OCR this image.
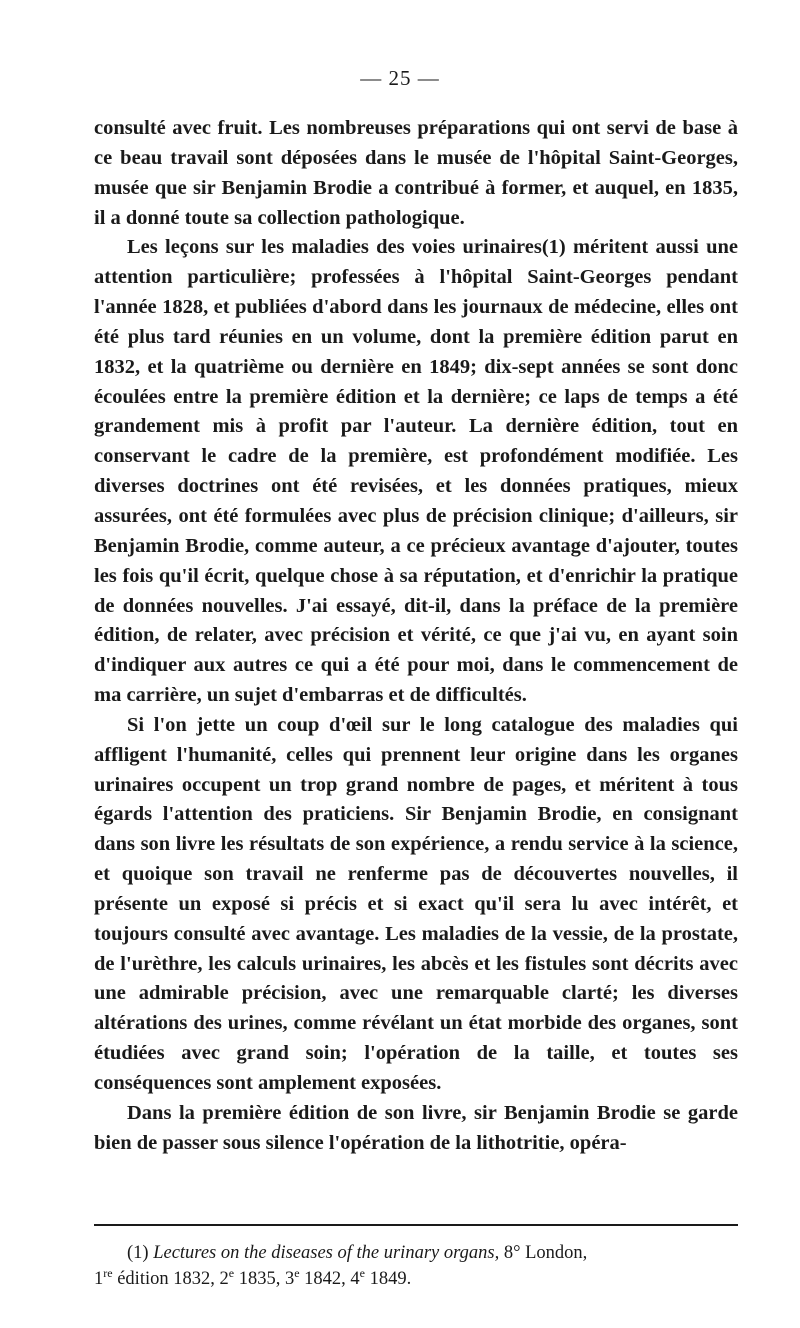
— 25 —

consulté avec fruit. Les nombreuses préparations qui ont servi de base à ce beau travail sont déposées dans le musée de l'hôpital Saint-Georges, musée que sir Benjamin Brodie a contribué à former, et auquel, en 1835, il a donné toute sa collection pathologique.

Les leçons sur les maladies des voies urinaires(1) méritent aussi une attention particulière; professées à l'hôpital Saint-Georges pendant l'année 1828, et publiées d'abord dans les journaux de médecine, elles ont été plus tard réunies en un volume, dont la première édition parut en 1832, et la quatrième ou dernière en 1849; dix-sept années se sont donc écoulées entre la première édition et la dernière; ce laps de temps a été grandement mis à profit par l'auteur. La dernière édition, tout en conservant le cadre de la première, est profondément modifiée. Les diverses doctrines ont été revisées, et les données pratiques, mieux assurées, ont été formulées avec plus de précision clinique; d'ailleurs, sir Benjamin Brodie, comme auteur, a ce précieux avantage d'ajouter, toutes les fois qu'il écrit, quelque chose à sa réputation, et d'enrichir la pratique de données nouvelles. J'ai essayé, dit-il, dans la préface de la première édition, de relater, avec précision et vérité, ce que j'ai vu, en ayant soin d'indiquer aux autres ce qui a été pour moi, dans le commencement de ma carrière, un sujet d'embarras et de difficultés.

Si l'on jette un coup d'œil sur le long catalogue des maladies qui affligent l'humanité, celles qui prennent leur origine dans les organes urinaires occupent un trop grand nombre de pages, et méritent à tous égards l'attention des praticiens. Sir Benjamin Brodie, en consignant dans son livre les résultats de son expérience, a rendu service à la science, et quoique son travail ne renferme pas de découvertes nouvelles, il présente un exposé si précis et si exact qu'il sera lu avec intérêt, et toujours consulté avec avantage. Les maladies de la vessie, de la prostate, de l'urèthre, les calculs urinaires, les abcès et les fistules sont décrits avec une admirable précision, avec une remarquable clarté; les diverses altérations des urines, comme révélant un état morbide des organes, sont étudiées avec grand soin; l'opération de la taille, et toutes ses conséquences sont amplement exposées.

Dans la première édition de son livre, sir Benjamin Brodie se garde bien de passer sous silence l'opération de la lithotritie, opéra-

(1) Lectures on the diseases of the urinary organs, 8° London,
1re édition 1832, 2e 1835, 3e 1842, 4e 1849.
